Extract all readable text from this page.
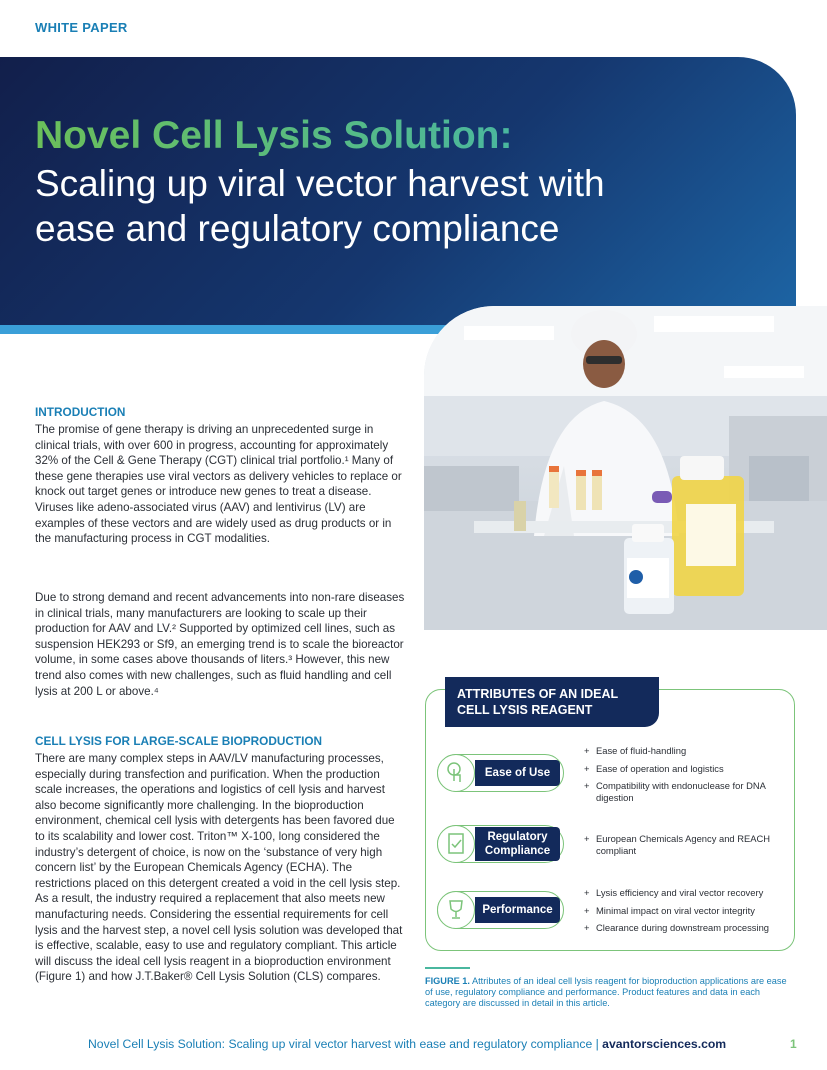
WHITE PAPER
Novel Cell Lysis Solution:
Scaling up viral vector harvest with ease and regulatory compliance
INTRODUCTION
The promise of gene therapy is driving an unprecedented surge in clinical trials, with over 600 in progress, accounting for approximately 32% of the Cell & Gene Therapy (CGT) clinical trial portfolio.¹ Many of these gene therapies use viral vectors as delivery vehicles to replace or knock out target genes or introduce new genes to treat a disease. Viruses like adeno-associated virus (AAV) and lentivirus (LV) are examples of these vectors and are widely used as drug products or in the manufacturing process in CGT modalities.
Due to strong demand and recent advancements into non-rare diseases in clinical trials, many manufacturers are looking to scale up their production for AAV and LV.² Supported by optimized cell lines, such as suspension HEK293 or Sf9, an emerging trend is to scale the bioreactor volume, in some cases above thousands of liters.³ However, this new trend also comes with new challenges, such as fluid handling and cell lysis at 200 L or above.⁴
CELL LYSIS FOR LARGE-SCALE BIOPRODUCTION
There are many complex steps in AAV/LV manufacturing processes, especially during transfection and purification. When the production scale increases, the operations and logistics of cell lysis and harvest also become significantly more challenging. In the bioproduction environment, chemical cell lysis with detergents has been favored due to its scalability and lower cost. Triton™ X-100, long considered the industry’s detergent of choice, is now on the ‘substance of very high concern list’ by the European Chemicals Agency (ECHA). The restrictions placed on this detergent created a void in the cell lysis step. As a result, the industry required a replacement that also meets new manufacturing needs. Considering the essential requirements for cell lysis and the harvest step, a novel cell lysis solution was developed that is effective, scalable, easy to use and regulatory compliant. This article will discuss the ideal cell lysis reagent in a bioproduction environment (Figure 1) and how J.T.Baker® Cell Lysis Solution (CLS) compares.
ATTRIBUTES OF AN IDEAL CELL LYSIS REAGENT
Ease of Use
+ Ease of fluid-handling
+ Ease of operation and logistics
+ Compatibility with endonuclease for DNA digestion
Regulatory Compliance
+ European Chemicals Agency and REACH compliant
Performance
+ Lysis efficiency and viral vector recovery
+ Minimal impact on viral vector integrity
+ Clearance during downstream processing
FIGURE 1. Attributes of an ideal cell lysis reagent for bioproduction applications are ease of use, regulatory compliance and performance. Product features and data in each category are discussed in detail in this article.
Novel Cell Lysis Solution: Scaling up viral vector harvest with ease and regulatory compliance | avantorsciences.com	1
